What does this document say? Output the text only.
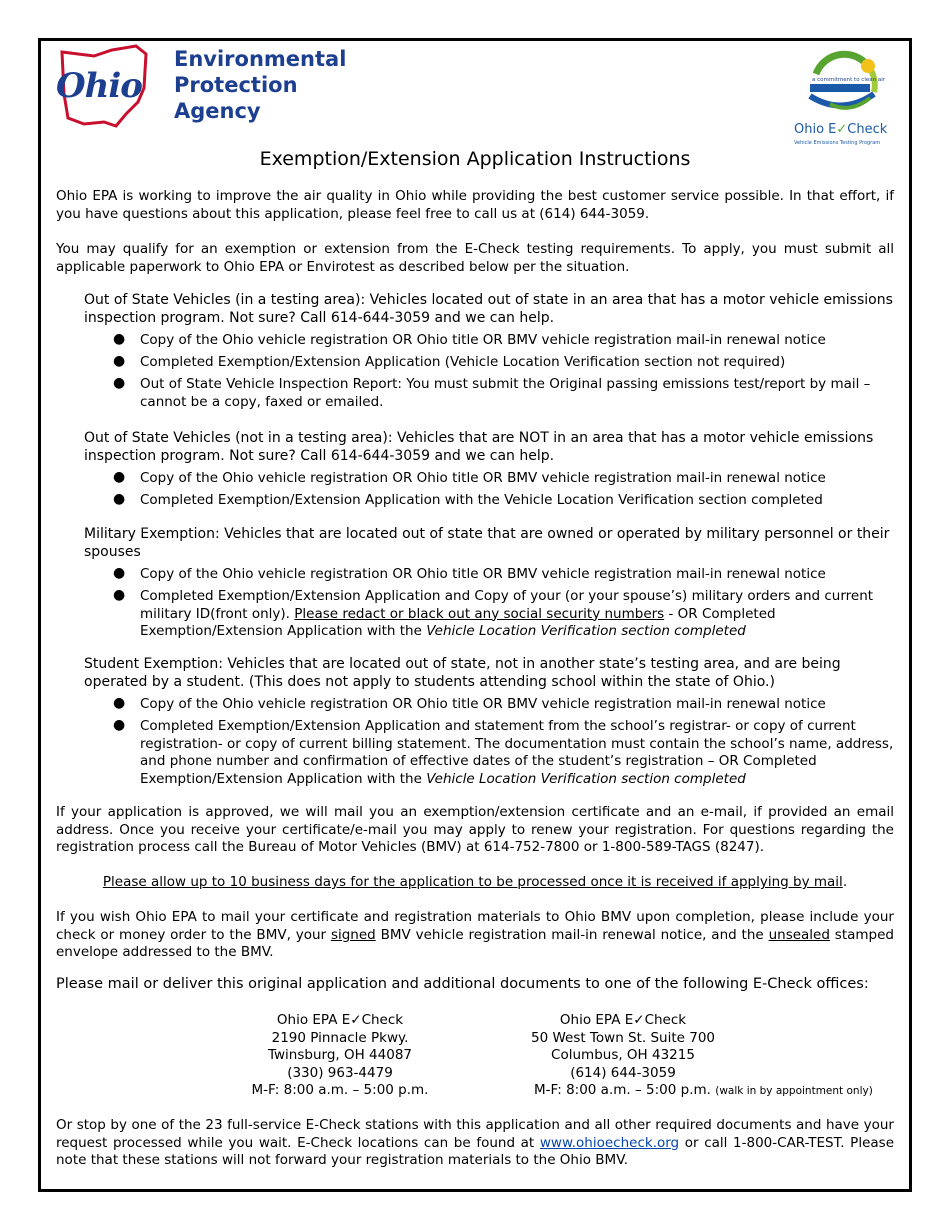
Ohio
Environmental
Protection
Agency
a commitment to clean air
Ohio E✓Check
Vehicle Emissions Testing Program
Exemption/Extension Application Instructions
Ohio EPA is working to improve the air quality in Ohio while providing the best customer service possible. In that effort, if you have questions about this application, please feel free to call us at (614) 644-3059.
You may qualify for an exemption or extension from the E-Check testing requirements. To apply, you must submit all applicable paperwork to Ohio EPA or Envirotest as described below per the situation.
Out of State Vehicles (in a testing area): Vehicles located out of state in an area that has a motor vehicle emissions inspection program. Not sure? Call 614-644-3059 and we can help.
● Copy of the Ohio vehicle registration OR Ohio title OR BMV vehicle registration mail-in renewal notice
● Completed Exemption/Extension Application (Vehicle Location Verification section not required)
● Out of State Vehicle Inspection Report: You must submit the Original passing emissions test/report by mail – cannot be a copy, faxed or emailed.
Out of State Vehicles (not in a testing area): Vehicles that are NOT in an area that has a motor vehicle emissions inspection program. Not sure? Call 614-644-3059 and we can help.
● Copy of the Ohio vehicle registration OR Ohio title OR BMV vehicle registration mail-in renewal notice
● Completed Exemption/Extension Application with the Vehicle Location Verification section completed
Military Exemption: Vehicles that are located out of state that are owned or operated by military personnel or their spouses
● Copy of the Ohio vehicle registration OR Ohio title OR BMV vehicle registration mail-in renewal notice
● Completed Exemption/Extension Application and Copy of your (or your spouse’s) military orders and current military ID(front only). Please redact or black out any social security numbers - OR Completed Exemption/Extension Application with the Vehicle Location Verification section completed
Student Exemption: Vehicles that are located out of state, not in another state’s testing area, and are being operated by a student. (This does not apply to students attending school within the state of Ohio.)
● Copy of the Ohio vehicle registration OR Ohio title OR BMV vehicle registration mail-in renewal notice
● Completed Exemption/Extension Application and statement from the school’s registrar- or copy of current registration- or copy of current billing statement. The documentation must contain the school’s name, address, and phone number and confirmation of effective dates of the student’s registration – OR Completed Exemption/Extension Application with the Vehicle Location Verification section completed
If your application is approved, we will mail you an exemption/extension certificate and an e-mail, if provided an email address. Once you receive your certificate/e-mail you may apply to renew your registration. For questions regarding the registration process call the Bureau of Motor Vehicles (BMV) at 614-752-7800 or 1-800-589-TAGS (8247).
Please allow up to 10 business days for the application to be processed once it is received if applying by mail.
If you wish Ohio EPA to mail your certificate and registration materials to Ohio BMV upon completion, please include your check or money order to the BMV, your signed BMV vehicle registration mail-in renewal notice, and the unsealed stamped envelope addressed to the BMV.
Please mail or deliver this original application and additional documents to one of the following E-Check offices:
Ohio EPA E✓Check
2190 Pinnacle Pkwy.
Twinsburg, OH 44087
(330) 963-4479
M-F: 8:00 a.m. – 5:00 p.m.
Ohio EPA E✓Check
50 West Town St. Suite 700
Columbus, OH 43215
(614) 644-3059
M-F: 8:00 a.m. – 5:00 p.m. (walk in by appointment only)
Or stop by one of the 23 full-service E-Check stations with this application and all other required documents and have your request processed while you wait. E-Check locations can be found at www.ohioecheck.org or call 1-800-CAR-TEST. Please note that these stations will not forward your registration materials to the Ohio BMV.
